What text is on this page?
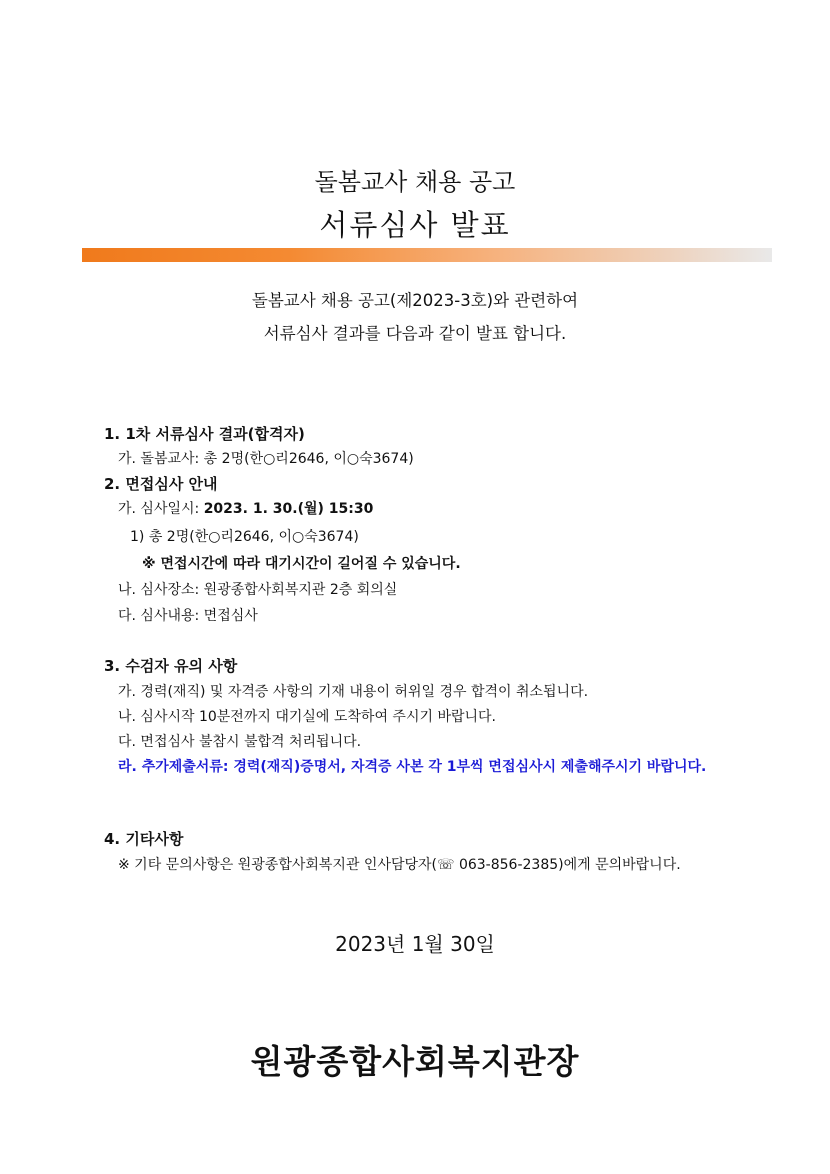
돌봄교사 채용 공고
서류심사 발표
돌봄교사 채용 공고(제2023-3호)와 관련하여
서류심사 결과를 다음과 같이 발표 합니다.
1. 1차 서류심사 결과(합격자)
가. 돌봄교사: 총 2명(한○리2646, 이○숙3674)
2. 면접심사 안내
가. 심사일시: 2023. 1. 30.(월) 15:30
1) 총 2명(한○리2646, 이○숙3674)
※ 면접시간에 따라 대기시간이 길어질 수 있습니다.
나. 심사장소: 원광종합사회복지관 2층 회의실
다. 심사내용: 면접심사
3. 수검자 유의 사항
가. 경력(재직) 및 자격증 사항의 기재 내용이 허위일 경우 합격이 취소됩니다.
나. 심사시작 10분전까지 대기실에 도착하여 주시기 바랍니다.
다. 면접심사 불참시 불합격 처리됩니다.
라. 추가제출서류: 경력(재직)증명서, 자격증 사본 각 1부씩 면접심사시 제출해주시기 바랍니다.
4. 기타사항
※ 기타 문의사항은 원광종합사회복지관 인사담당자(☏ 063-856-2385)에게 문의바랍니다.
2023년 1월 30일
원광종합사회복지관장
